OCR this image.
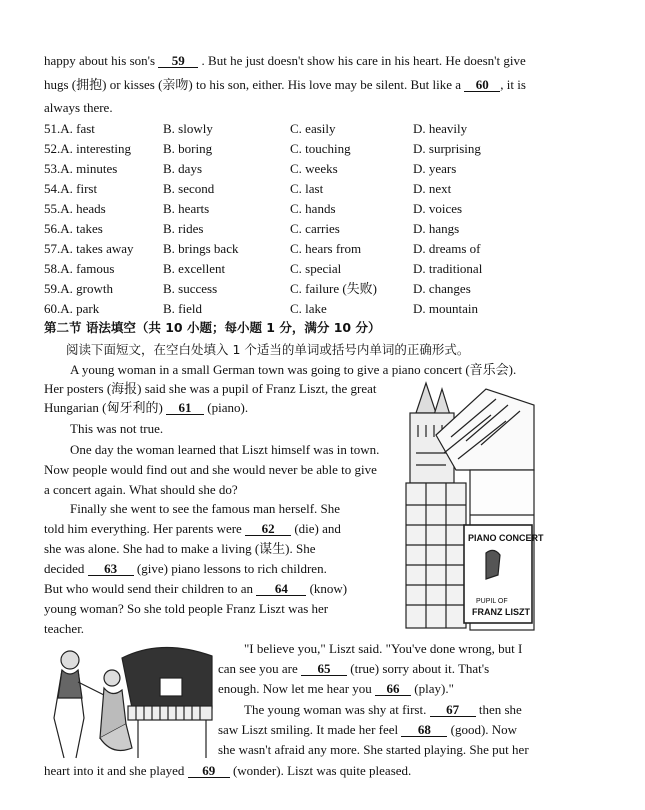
happy about his son's 59 . But he just doesn't show his care in his heart. He doesn't give
hugs (拥抱) or kisses (亲吻) to his son, either. His love may be silent. But like a 60 , it is
always there.
51.A. fast	B. slowly	C. easily	D. heavily
52.A. interesting B. boring	C. touching	D. surprising
53.A. minutes	B. days	C. weeks	D. years
54.A. first	B. second	C. last	D. next
55.A. heads	B. hearts	C. hands	D. voices
56.A. takes	B. rides	C. carries	D. hangs
57.A. takes away B. brings back	C. hears from	D. dreams of
58.A. famous	B. excellent	C. special	D. traditional
59.A. growth	B. success	C. failure (失败)	D. changes
60.A. park	B. field	C. lake	D. mountain
第二节 语法填空（共 10 小题；每小题 1 分，满分 10 分）
阅读下面短文，在空白处填入 1 个适当的单词或括号内单词的正确形式。
A young woman in a small German town was going to give a piano concert (音乐会).
Her posters (海报) said she was a pupil of Franz Liszt, the great
Hungarian (匈牙利的) 61 (piano).
This was not true.
One day the woman learned that Liszt himself was in town.
Now people would find out and she would never be able to give
a concert again. What should she do?
Finally she went to see the famous man herself. She
told him everything. Her parents were 62 (die) and
she was alone. She had to make a living (谋生). She
decided 63 (give) piano lessons to rich children.
But who would send their children to an 64 (know)
young woman? So she told people Franz Liszt was her
teacher.
"I believe you," Liszt said. "You've done wrong, but I
can see you are 65 (true) sorry about it. That's
enough. Now let me hear you 66 (play)."
The young woman was shy at first. 67 then she
saw Liszt smiling. It made her feel 68 (good). Now
she wasn't afraid any more. She started playing. She put her
heart into it and she played 69 (wonder). Liszt was quite pleased.
PIANO CONCERT
PUPIL OF
FRANZ LISZT
